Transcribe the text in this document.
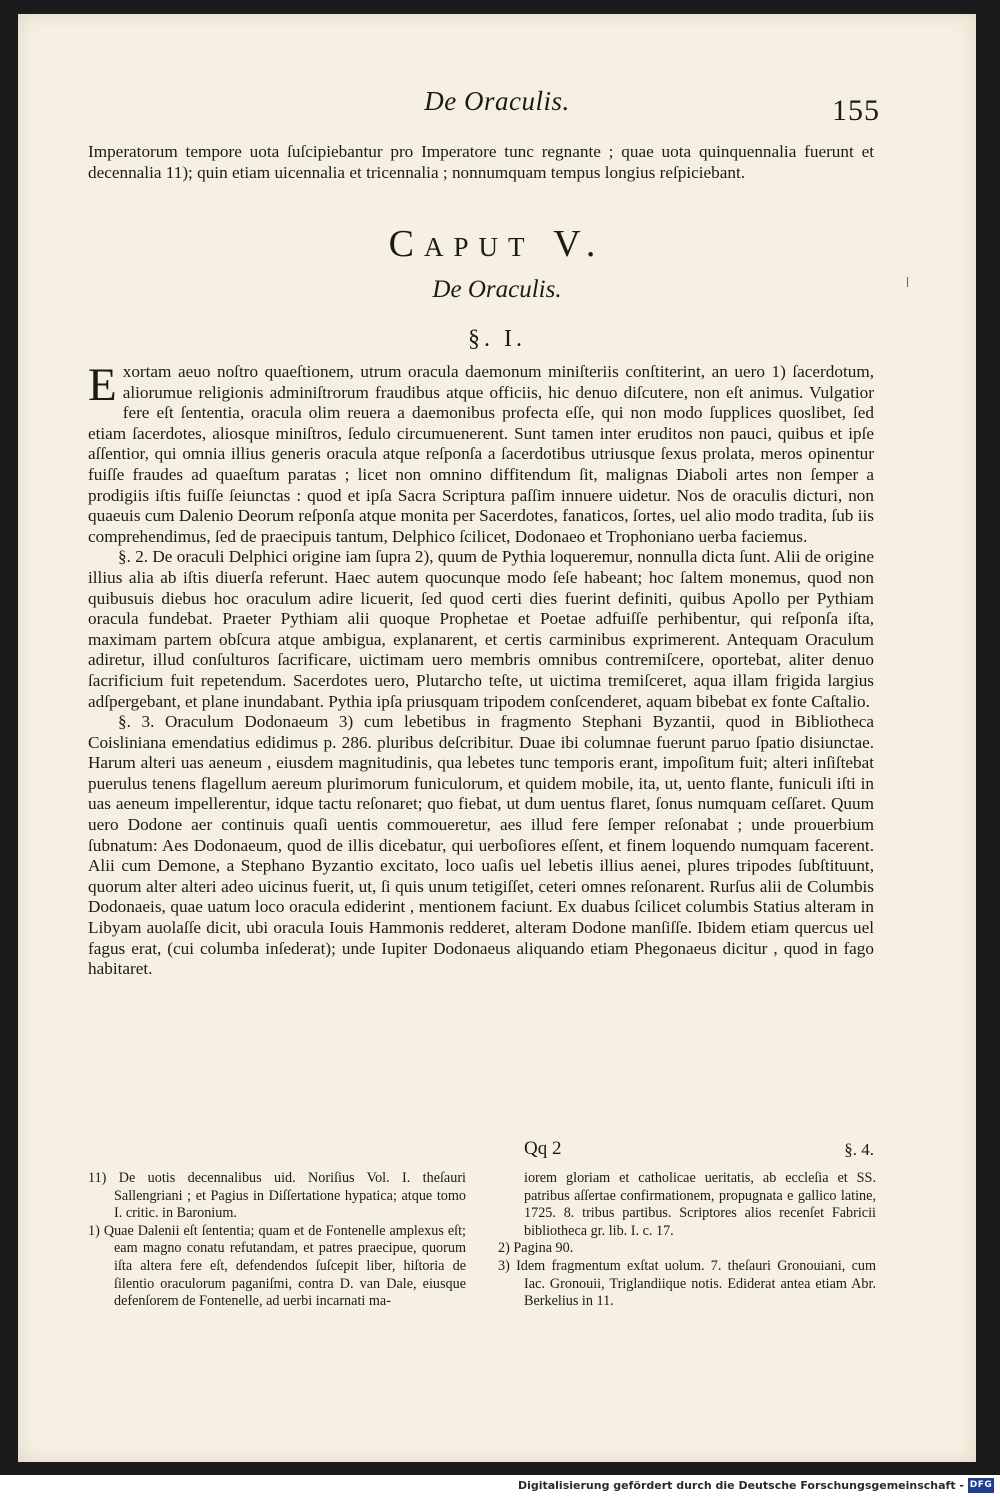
De Oraculis.	155
Imperatorum tempore uota ſuſcipiebantur pro Imperatore tunc regnante ; quae uota quinquennalia fuerunt et decennalia 11); quin etiam uicennalia et tricennalia ; nonnumquam tempus longius reſpiciebant.
Caput V.
De Oraculis.
§. I.

Exortam aeuo noſtro quaeſtionem, utrum oracula daemonum miniſteriis conſtiterint, an uero 1) ſacerdotum, aliorumue religionis adminiſtrorum fraudibus atque officiis, hic denuo diſcutere, non eſt animus. Vulgatior fere eſt ſententia, oracula olim reuera a daemonibus profecta eſſe, qui non modo ſupplices quoslibet, ſed etiam ſacerdotes, aliosque miniſtros, ſedulo circumuenerent. Sunt tamen inter eruditos non pauci, quibus et ipſe aſſentior, qui omnia illius generis oracula atque reſponſa a ſacerdotibus utriusque ſexus prolata, meros opinentur fuiſſe fraudes ad quaeſtum paratas ; licet non omnino diffitendum ſit, malignas Diaboli artes non ſemper a prodigiis iſtis fuiſſe ſeiunctas : quod et ipſa Sacra Scriptura paſſim innuere uidetur. Nos de oraculis dicturi, non quaeuis cum Dalenio Deorum reſponſa atque monita per Sacerdotes, fanaticos, ſortes, uel alio modo tradita, ſub iis comprehendimus, ſed de praecipuis tantum, Delphico ſcilicet, Dodonaeo et Trophoniano uerba faciemus.

§. 2. De oraculi Delphici origine iam ſupra 2), quum de Pythia loqueremur, nonnulla dicta ſunt. Alii de origine illius alia ab iſtis diuerſa referunt. Haec autem quocunque modo ſeſe habeant; hoc ſaltem monemus, quod non quibusuis diebus hoc oraculum adire licuerit, ſed quod certi dies fuerint definiti, quibus Apollo per Pythiam oracula fundebat. Praeter Pythiam alii quoque Prophetae et Poetae adfuiſſe perhibentur, qui reſponſa iſta, maximam partem obſcura atque ambigua, explanarent, et certis carminibus exprimerent. Antequam Oraculum adiretur, illud conſulturos ſacrificare, uictimam uero membris omnibus contremiſcere, oportebat, aliter denuo ſacrificium fuit repetendum. Sacerdotes uero, Plutarcho teſte, ut uictima tremiſceret, aqua illam frigida largius adſpergebant, et plane inundabant. Pythia ipſa priusquam tripodem conſcenderet, aquam bibebat ex fonte Caſtalio.

§. 3. Oraculum Dodonaeum 3) cum lebetibus in fragmento Stephani Byzantii, quod in Bibliotheca Coisliniana emendatius edidimus p. 286. pluribus deſcribitur. Duae ibi columnae fuerunt paruo ſpatio disiunctae. Harum alteri uas aeneum , eiusdem magnitudinis, qua lebetes tunc temporis erant, impoſitum fuit; alteri inſiſtebat puerulus tenens flagellum aereum plurimorum funiculorum, et quidem mobile, ita, ut, uento flante, funiculi iſti in uas aeneum impellerentur, idque tactu reſonaret; quo fiebat, ut dum uentus flaret, ſonus numquam ceſſaret. Quum uero Dodone aer continuis quaſi uentis commoueretur, aes illud fere ſemper reſonabat ; unde prouerbium ſubnatum: Aes Dodonaeum, quod de illis dicebatur, qui uerboſiores eſſent, et finem loquendo numquam facerent. Alii cum Demone, a Stephano Byzantio excitato, loco uaſis uel lebetis illius aenei, plures tripodes ſubſtituunt, quorum alter alteri adeo uicinus fuerit, ut, ſi quis unum tetigiſſet, ceteri omnes reſonarent. Rurſus alii de Columbis Dodonaeis, quae uatum loco oracula ediderint , mentionem faciunt. Ex duabus ſcilicet columbis Statius alteram in Libyam auolaſſe dicit, ubi oracula Iouis Hammonis redderet, alteram Dodone manſiſſe. Ibidem etiam quercus uel fagus erat, (cui columba inſederat); unde Iupiter Dodonaeus aliquando etiam Phegonaeus dicitur , quod in fago habitaret.

Qq 2	§. 4.

11) De uotis decennalibus uid. Noriſius Vol. I. theſauri Sallengriani ; et Pagius in Diſſertatione hypatica; atque tomo I. critic. in Baronium.

1) Quae Dalenii eſt ſententia; quam et de Fontenelle amplexus eſt; eam magno conatu refutandam, et patres praecipue, quorum iſta altera fere eſt, defendendos ſuſcepit liber, hiſtoria de ſilentio oraculorum paganiſmi, contra D. van Dale, eiusque defenſorem de Fontenelle, ad uerbi incarnati ma-

iorem gloriam et catholicae ueritatis, ab eccleſia et SS. patribus aſſertae confirmationem, propugnata e gallico latine, 1725. 8. tribus partibus. Scriptores alios recenſet Fabricii bibliotheca gr. lib. I. c. 17.

2) Pagina 90.

3) Idem fragmentum exſtat uolum. 7. theſauri Gronouiani, cum Iac. Gronouii, Triglandiique notis. Ediderat antea etiam Abr. Berkelius in 11.

Digitalisierung gefördert durch die Deutsche Forschungsgemeinschaft - DFG
